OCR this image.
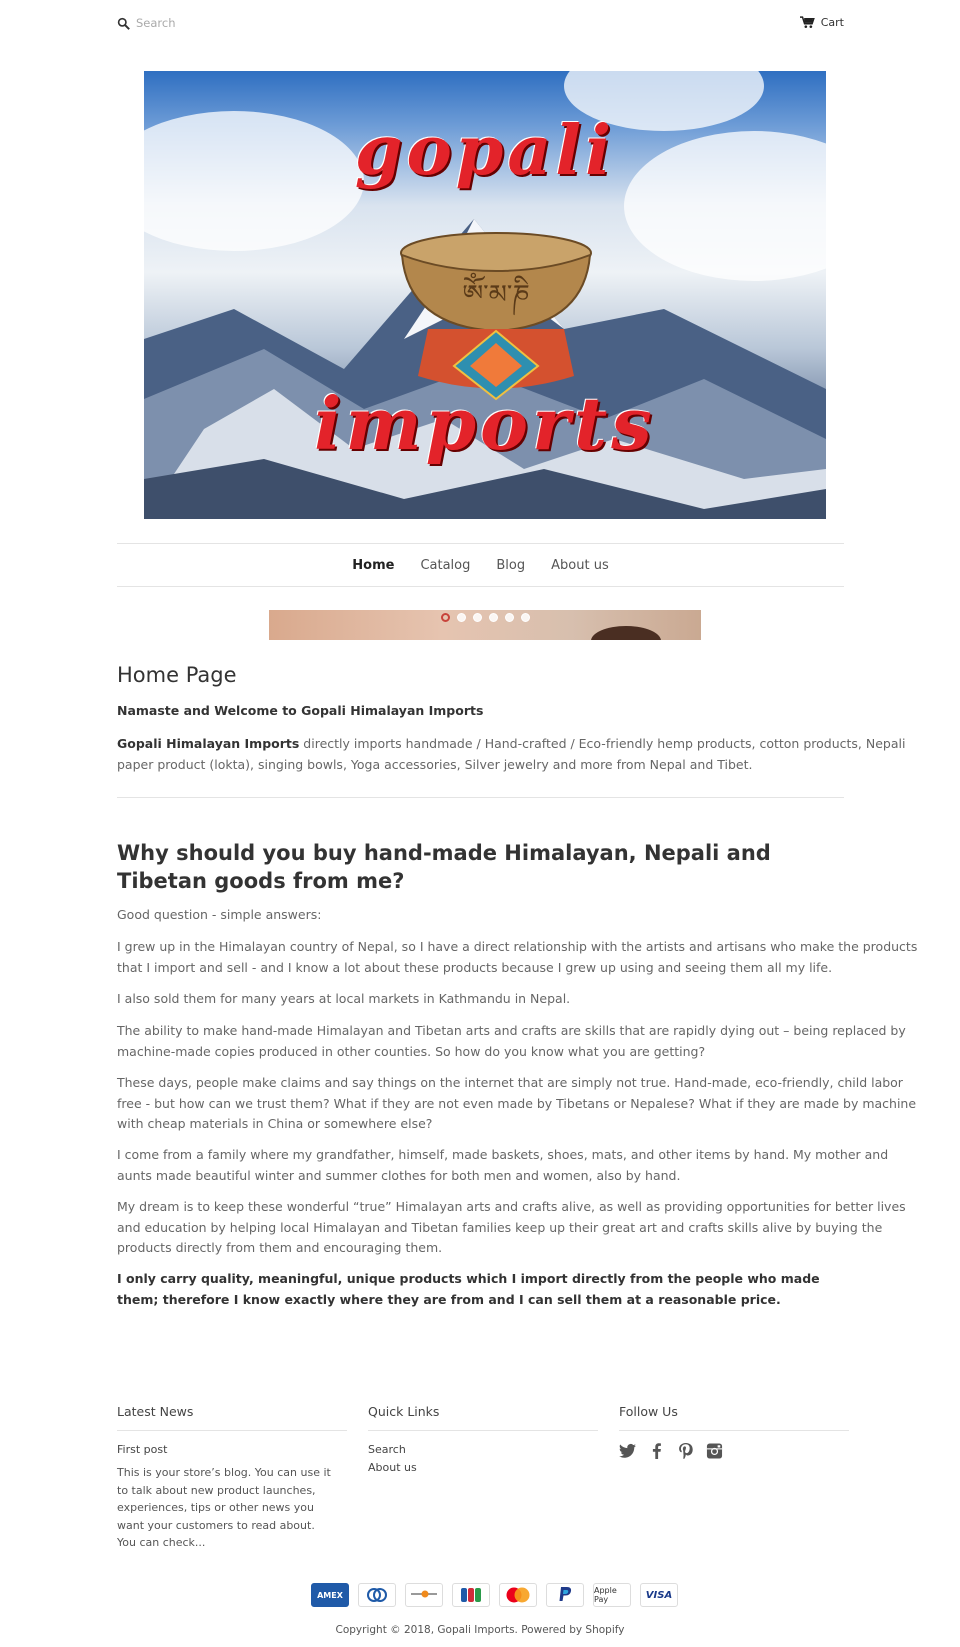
Search
Cart
gopali
ༀ་མ་ཎི
imports
Home Catalog Blog About us
Home Page

Namaste and Welcome to Gopali Himalayan Imports

Gopali Himalayan Imports directly imports handmade / Hand-crafted / Eco-friendly hemp products, cotton products, Nepali paper product (lokta), singing bowls, Yoga accessories, Silver jewelry and more from Nepal and Tibet.

Why should you buy hand-made Himalayan, Nepali and Tibetan goods from me?

Good question - simple answers:

I grew up in the Himalayan country of Nepal, so I have a direct relationship with the artists and artisans who make the products that I import and sell - and I know a lot about these products because I grew up using and seeing them all my life.

I also sold them for many years at local markets in Kathmandu in Nepal.

The ability to make hand-made Himalayan and Tibetan arts and crafts are skills that are rapidly dying out – being replaced by machine-made copies produced in other counties. So how do you know what you are getting?

These days, people make claims and say things on the internet that are simply not true. Hand-made, eco-friendly, child labor free - but how can we trust them? What if they are not even made by Tibetans or Nepalese? What if they are made by machine with cheap materials in China or somewhere else?

I come from a family where my grandfather, himself, made baskets, shoes, mats, and other items by hand. My mother and aunts made beautiful winter and summer clothes for both men and women, also by hand.

My dream is to keep these wonderful “true” Himalayan arts and crafts alive, as well as providing opportunities for better lives and education by helping local Himalayan and Tibetan families keep up their great art and crafts skills alive by buying the products directly from them and encouraging them.

I only carry quality, meaningful, unique products which I import directly from the people who made them; therefore I know exactly where they are from and I can sell them at a reasonable price.

Latest News
First post
This is your store’s blog. You can use it to talk about new product launches, experiences, tips or other news you want your customers to read about. You can check...
Quick Links
Search
About us
Follow Us
AMEX	Apple Pay	VISA
Copyright © 2018, Gopali Imports. Powered by Shopify
